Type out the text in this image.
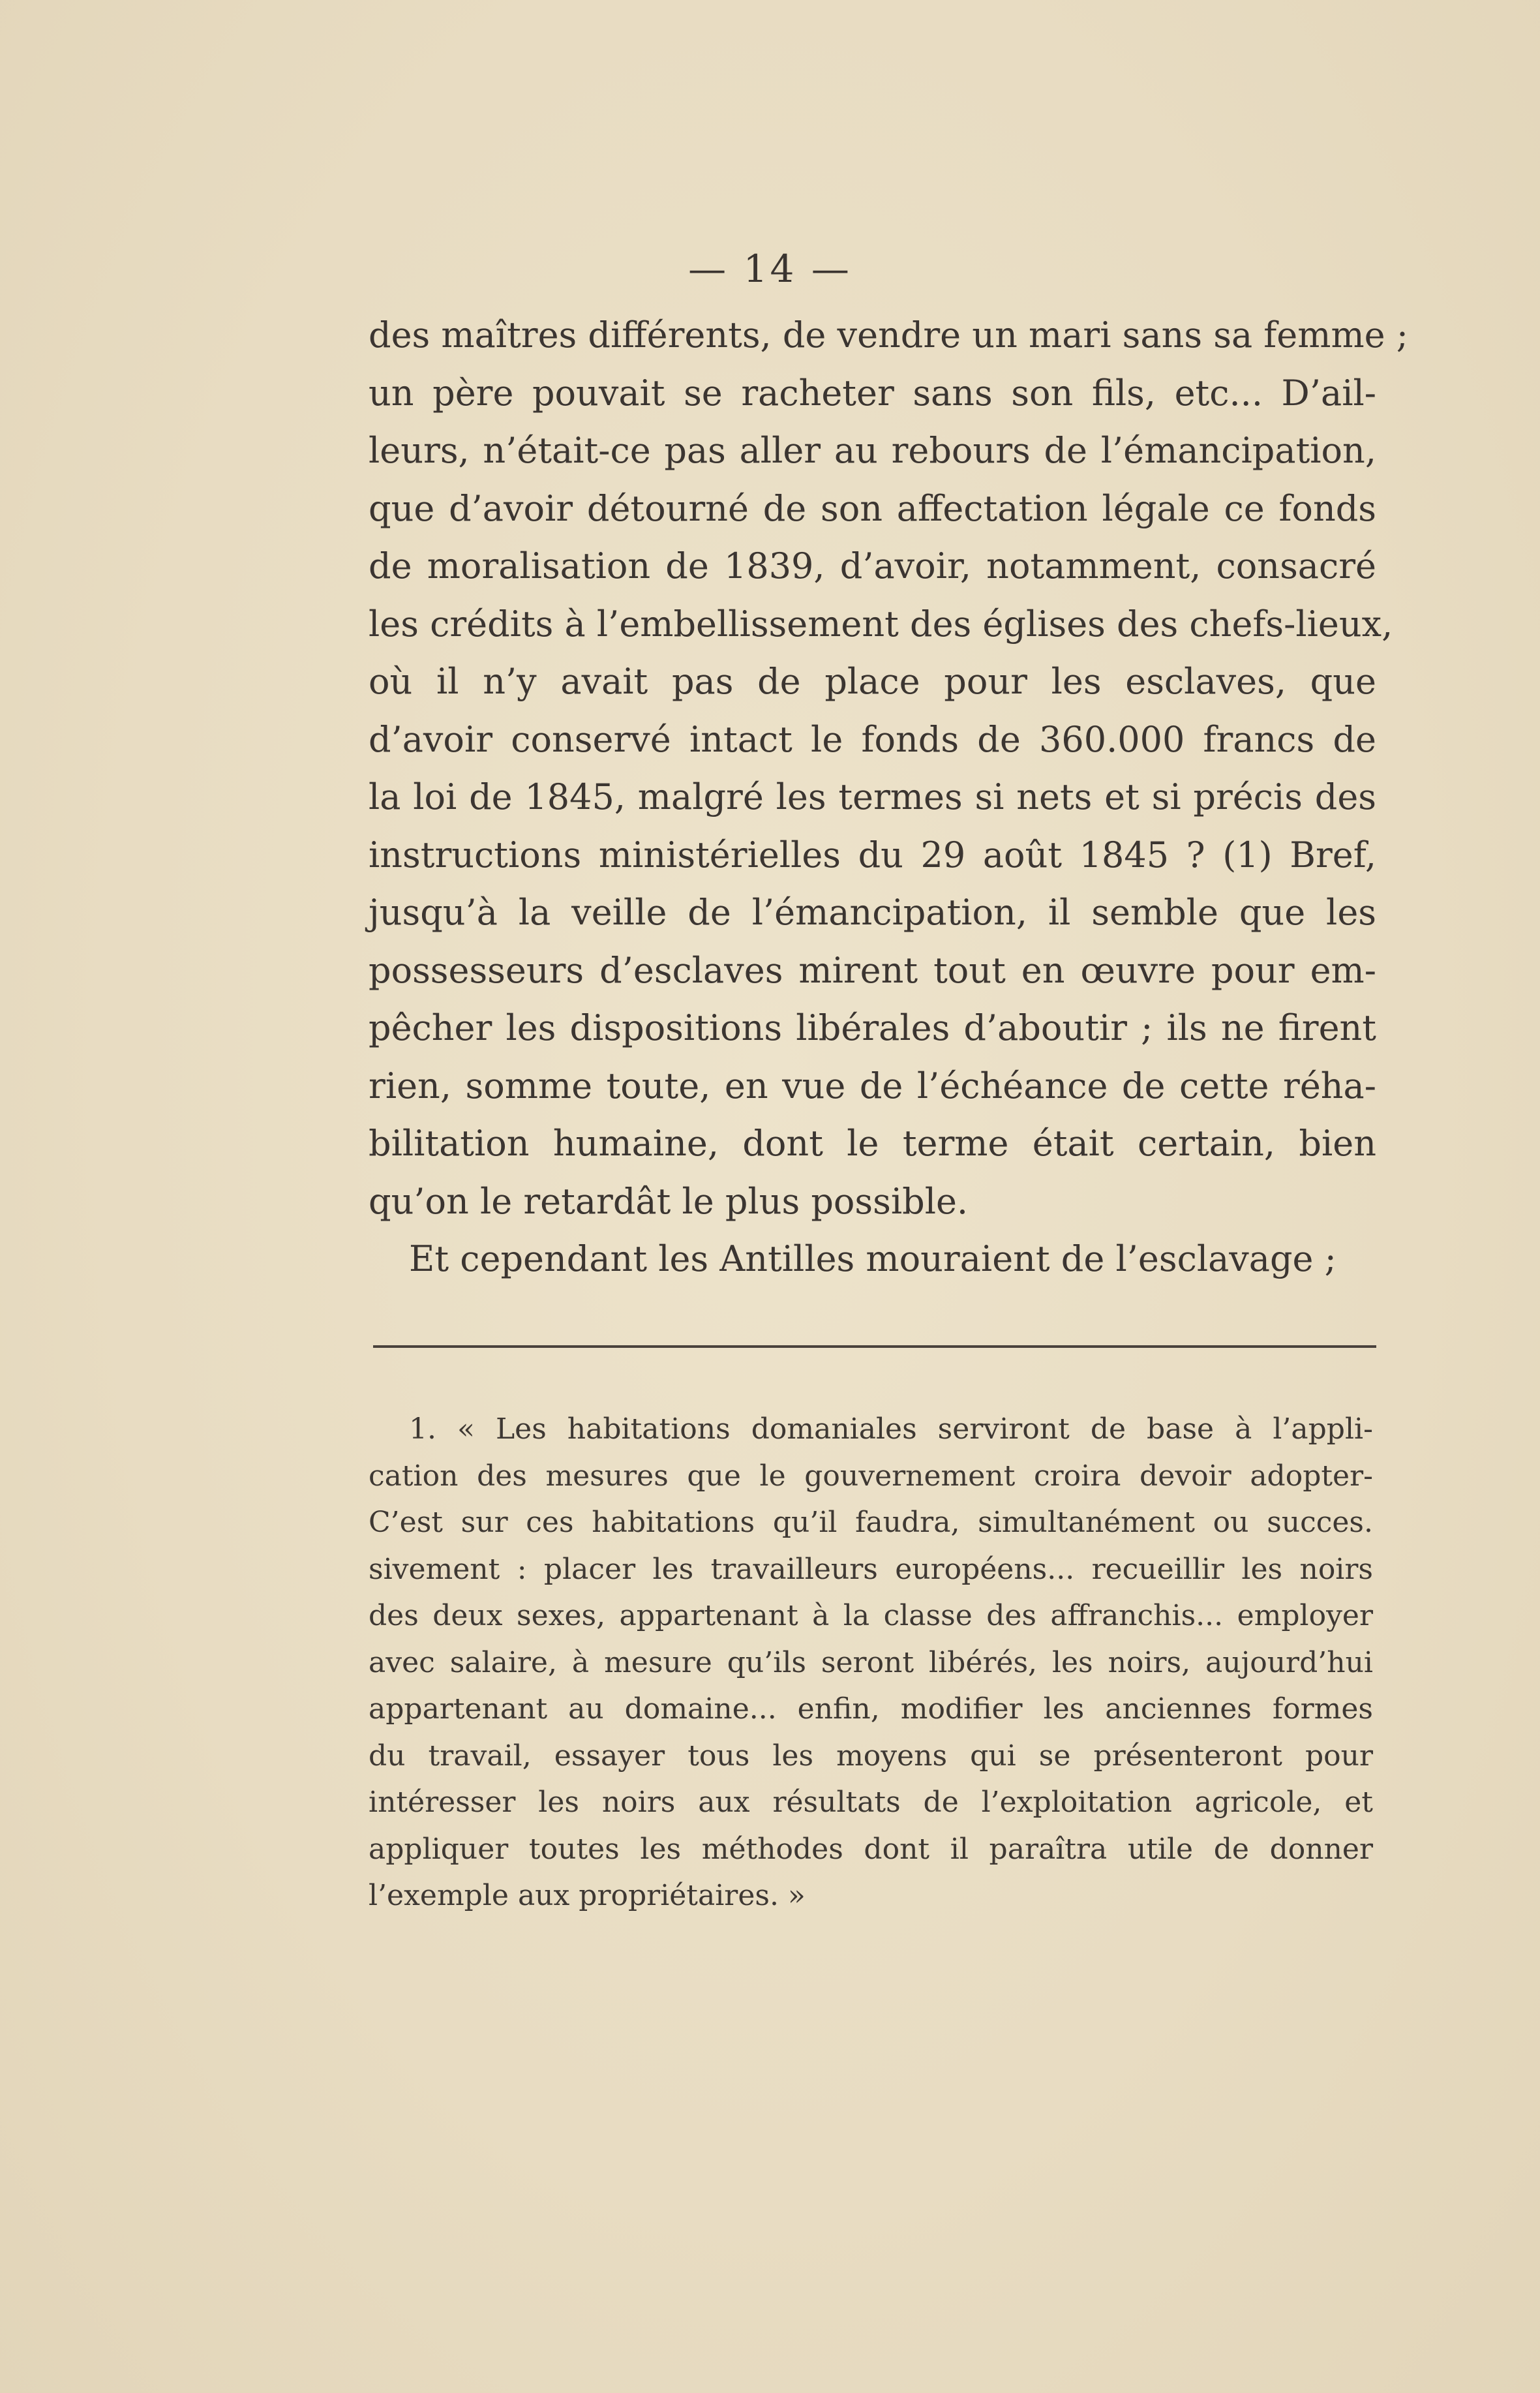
— 14 —
des maîtres différents, de vendre un mari sans sa femme ;
un père pouvait se racheter sans son fils, etc... D’ail-
leurs, n’était-ce pas aller au rebours de l’émancipation,
que d’avoir détourné de son affectation légale ce fonds
de moralisation de 1839, d’avoir, notamment, consacré
les crédits à l’embellissement des églises des chefs-lieux,
où il n’y avait pas de place pour les esclaves, que
d’avoir conservé intact le fonds de 360.000 francs de
la loi de 1845, malgré les termes si nets et si précis des
instructions ministérielles du 29 août 1845 ? (1) Bref,
jusqu’à la veille de l’émancipation, il semble que les
possesseurs d’esclaves mirent tout en œuvre pour em-
pêcher les dispositions libérales d’aboutir ; ils ne firent
rien, somme toute, en vue de l’échéance de cette réha-
bilitation humaine, dont le terme était certain, bien
qu’on le retardât le plus possible.
Et cependant les Antilles mouraient de l’esclavage ;
1. « Les habitations domaniales serviront de base à l’appli-
cation des mesures que le gouvernement croira devoir adopter-
C’est sur ces habitations qu’il faudra, simultanément ou succes.
sivement : placer les travailleurs européens... recueillir les noirs
des deux sexes, appartenant à la classe des affranchis... employer
avec salaire, à mesure qu’ils seront libérés, les noirs, aujourd’hui
appartenant au domaine... enfin, modifier les anciennes formes
du travail, essayer tous les moyens qui se présenteront pour
intéresser les noirs aux résultats de l’exploitation agricole, et
appliquer toutes les méthodes dont il paraîtra utile de donner
l’exemple aux propriétaires. »
